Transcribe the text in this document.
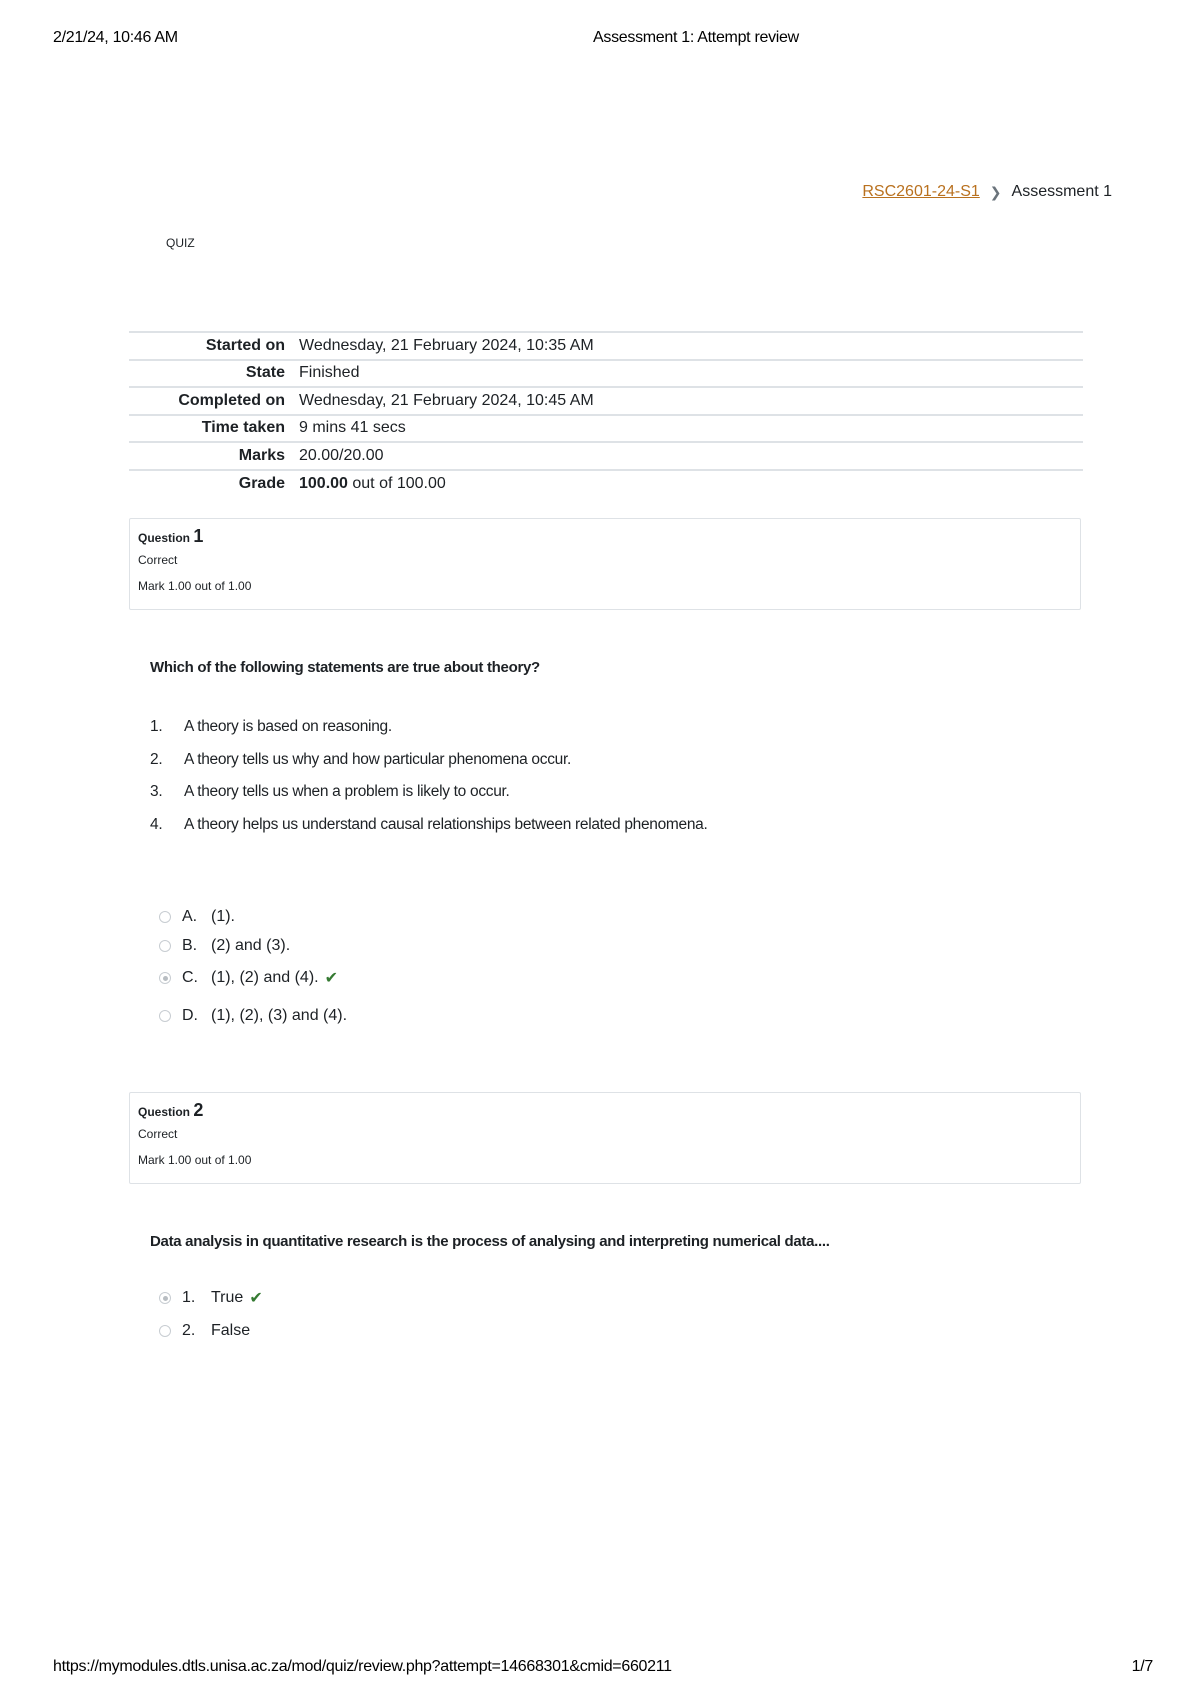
2/21/24, 10:46 AM	Assessment 1: Attempt review
RSC2601-24-S1 ❯ Assessment 1
QUIZ
Started on	Wednesday, 21 February 2024, 10:35 AM
State	Finished
Completed on	Wednesday, 21 February 2024, 10:45 AM
Time taken	9 mins 41 secs
Marks	20.00/20.00
Grade	100.00 out of 100.00
Question 1
Correct
Mark 1.00 out of 1.00
Which of the following statements are true about theory?
1.	A theory is based on reasoning.
2.	A theory tells us why and how particular phenomena occur.
3.	A theory tells us when a problem is likely to occur.
4.	A theory helps us understand causal relationships between related phenomena.
A. (1).
B. (2) and (3).
C. (1), (2) and (4). ✔
D. (1), (2), (3) and (4).
Question 2
Correct
Mark 1.00 out of 1.00
Data analysis in quantitative research is the process of analysing and interpreting numerical data....
1. True ✔
2. False
https://mymodules.dtls.unisa.ac.za/mod/quiz/review.php?attempt=14668301&cmid=660211	1/7
